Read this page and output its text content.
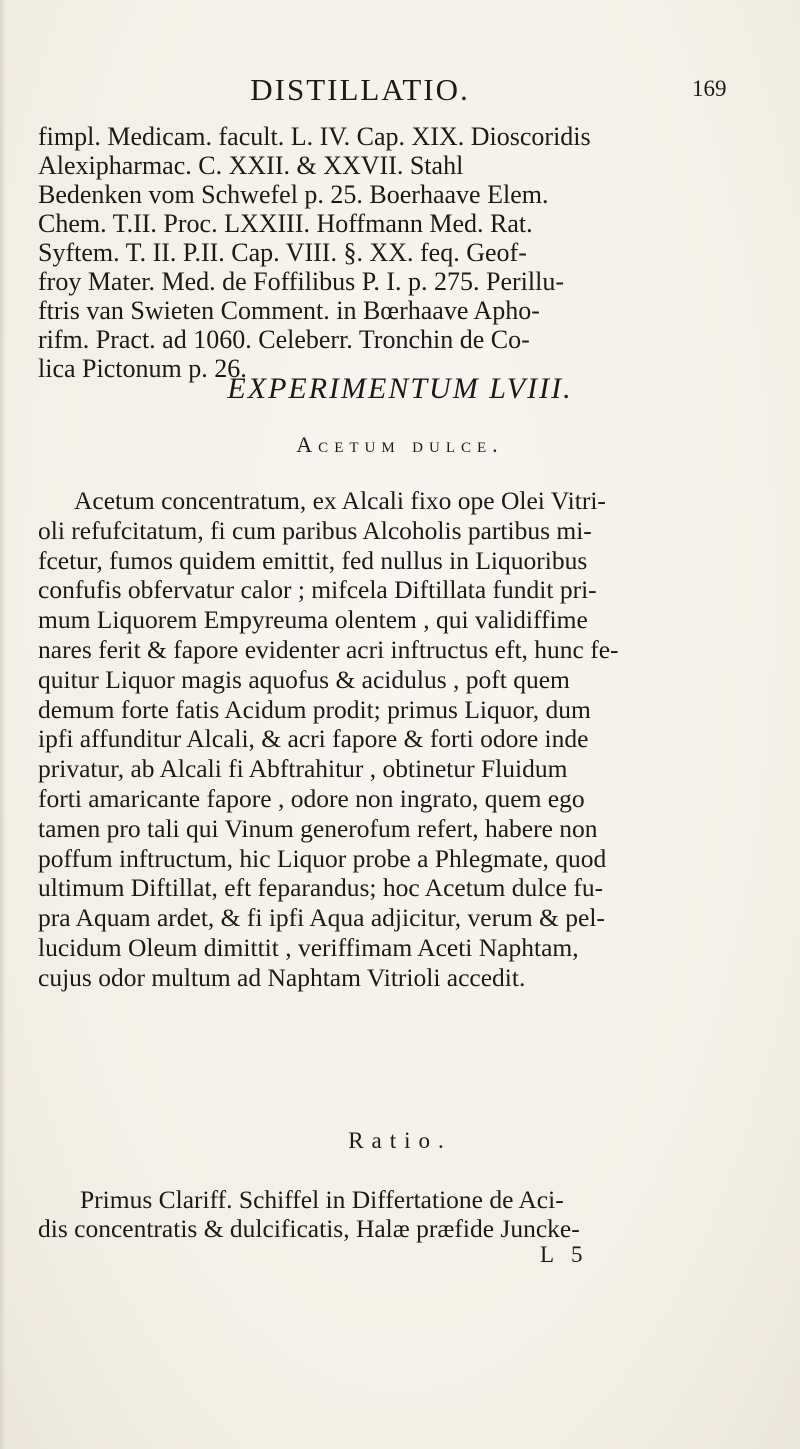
DISTILLATIO.	169
fimpl. Medicam. facult. L. IV. Cap. XIX. Dioscoridis
Alexipharmac. C. XXII. & XXVII. Stahl
Bedenken vom Schwefel p. 25. Boerhaave Elem.
Chem. T.II. Proc. LXXIII. Hoffmann Med. Rat.
Syftem. T. II. P.II. Cap. VIII. §. XX. feq. Geof-
froy Mater. Med. de Foffilibus P. I. p. 275. Perillu-
ftris van Swieten Comment. in Bœrhaave Apho-
rifm. Pract. ad 1060. Celeberr. Tronchin de Co-
lica Pictonum p. 26.
EXPERIMENTUM LVIII.
Acetum dulce.
Acetum concentratum, ex Alcali fixo ope Olei Vitri-
oli refufcitatum, fi cum paribus Alcoholis partibus mi-
fcetur, fumos quidem emittit, fed nullus in Liquoribus
confufis obfervatur calor ; mifcela Diftillata fundit pri-
mum Liquorem Empyreuma olentem , qui validiffime
nares ferit & fapore evidenter acri inftructus eft, hunc fe-
quitur Liquor magis aquofus & acidulus , poft quem
demum forte fatis Acidum prodit; primus Liquor, dum
ipfi affunditur Alcali, & acri fapore & forti odore inde
privatur, ab Alcali fi Abftrahitur , obtinetur Fluidum
forti amaricante fapore , odore non ingrato, quem ego
tamen pro tali qui Vinum generofum refert, habere non
poffum inftructum, hic Liquor probe a Phlegmate, quod
ultimum Diftillat, eft feparandus; hoc Acetum dulce fu-
pra Aquam ardet, & fi ipfi Aqua adjicitur, verum & pel-
lucidum Oleum dimittit , veriffimam Aceti Naphtam,
cujus odor multum ad Naphtam Vitrioli accedit.
Ratio.
Primus Clariff. Schiffel in Differtatione de Aci-
dis concentratis & dulcificatis, Halæ præfide Juncke-
L 5
